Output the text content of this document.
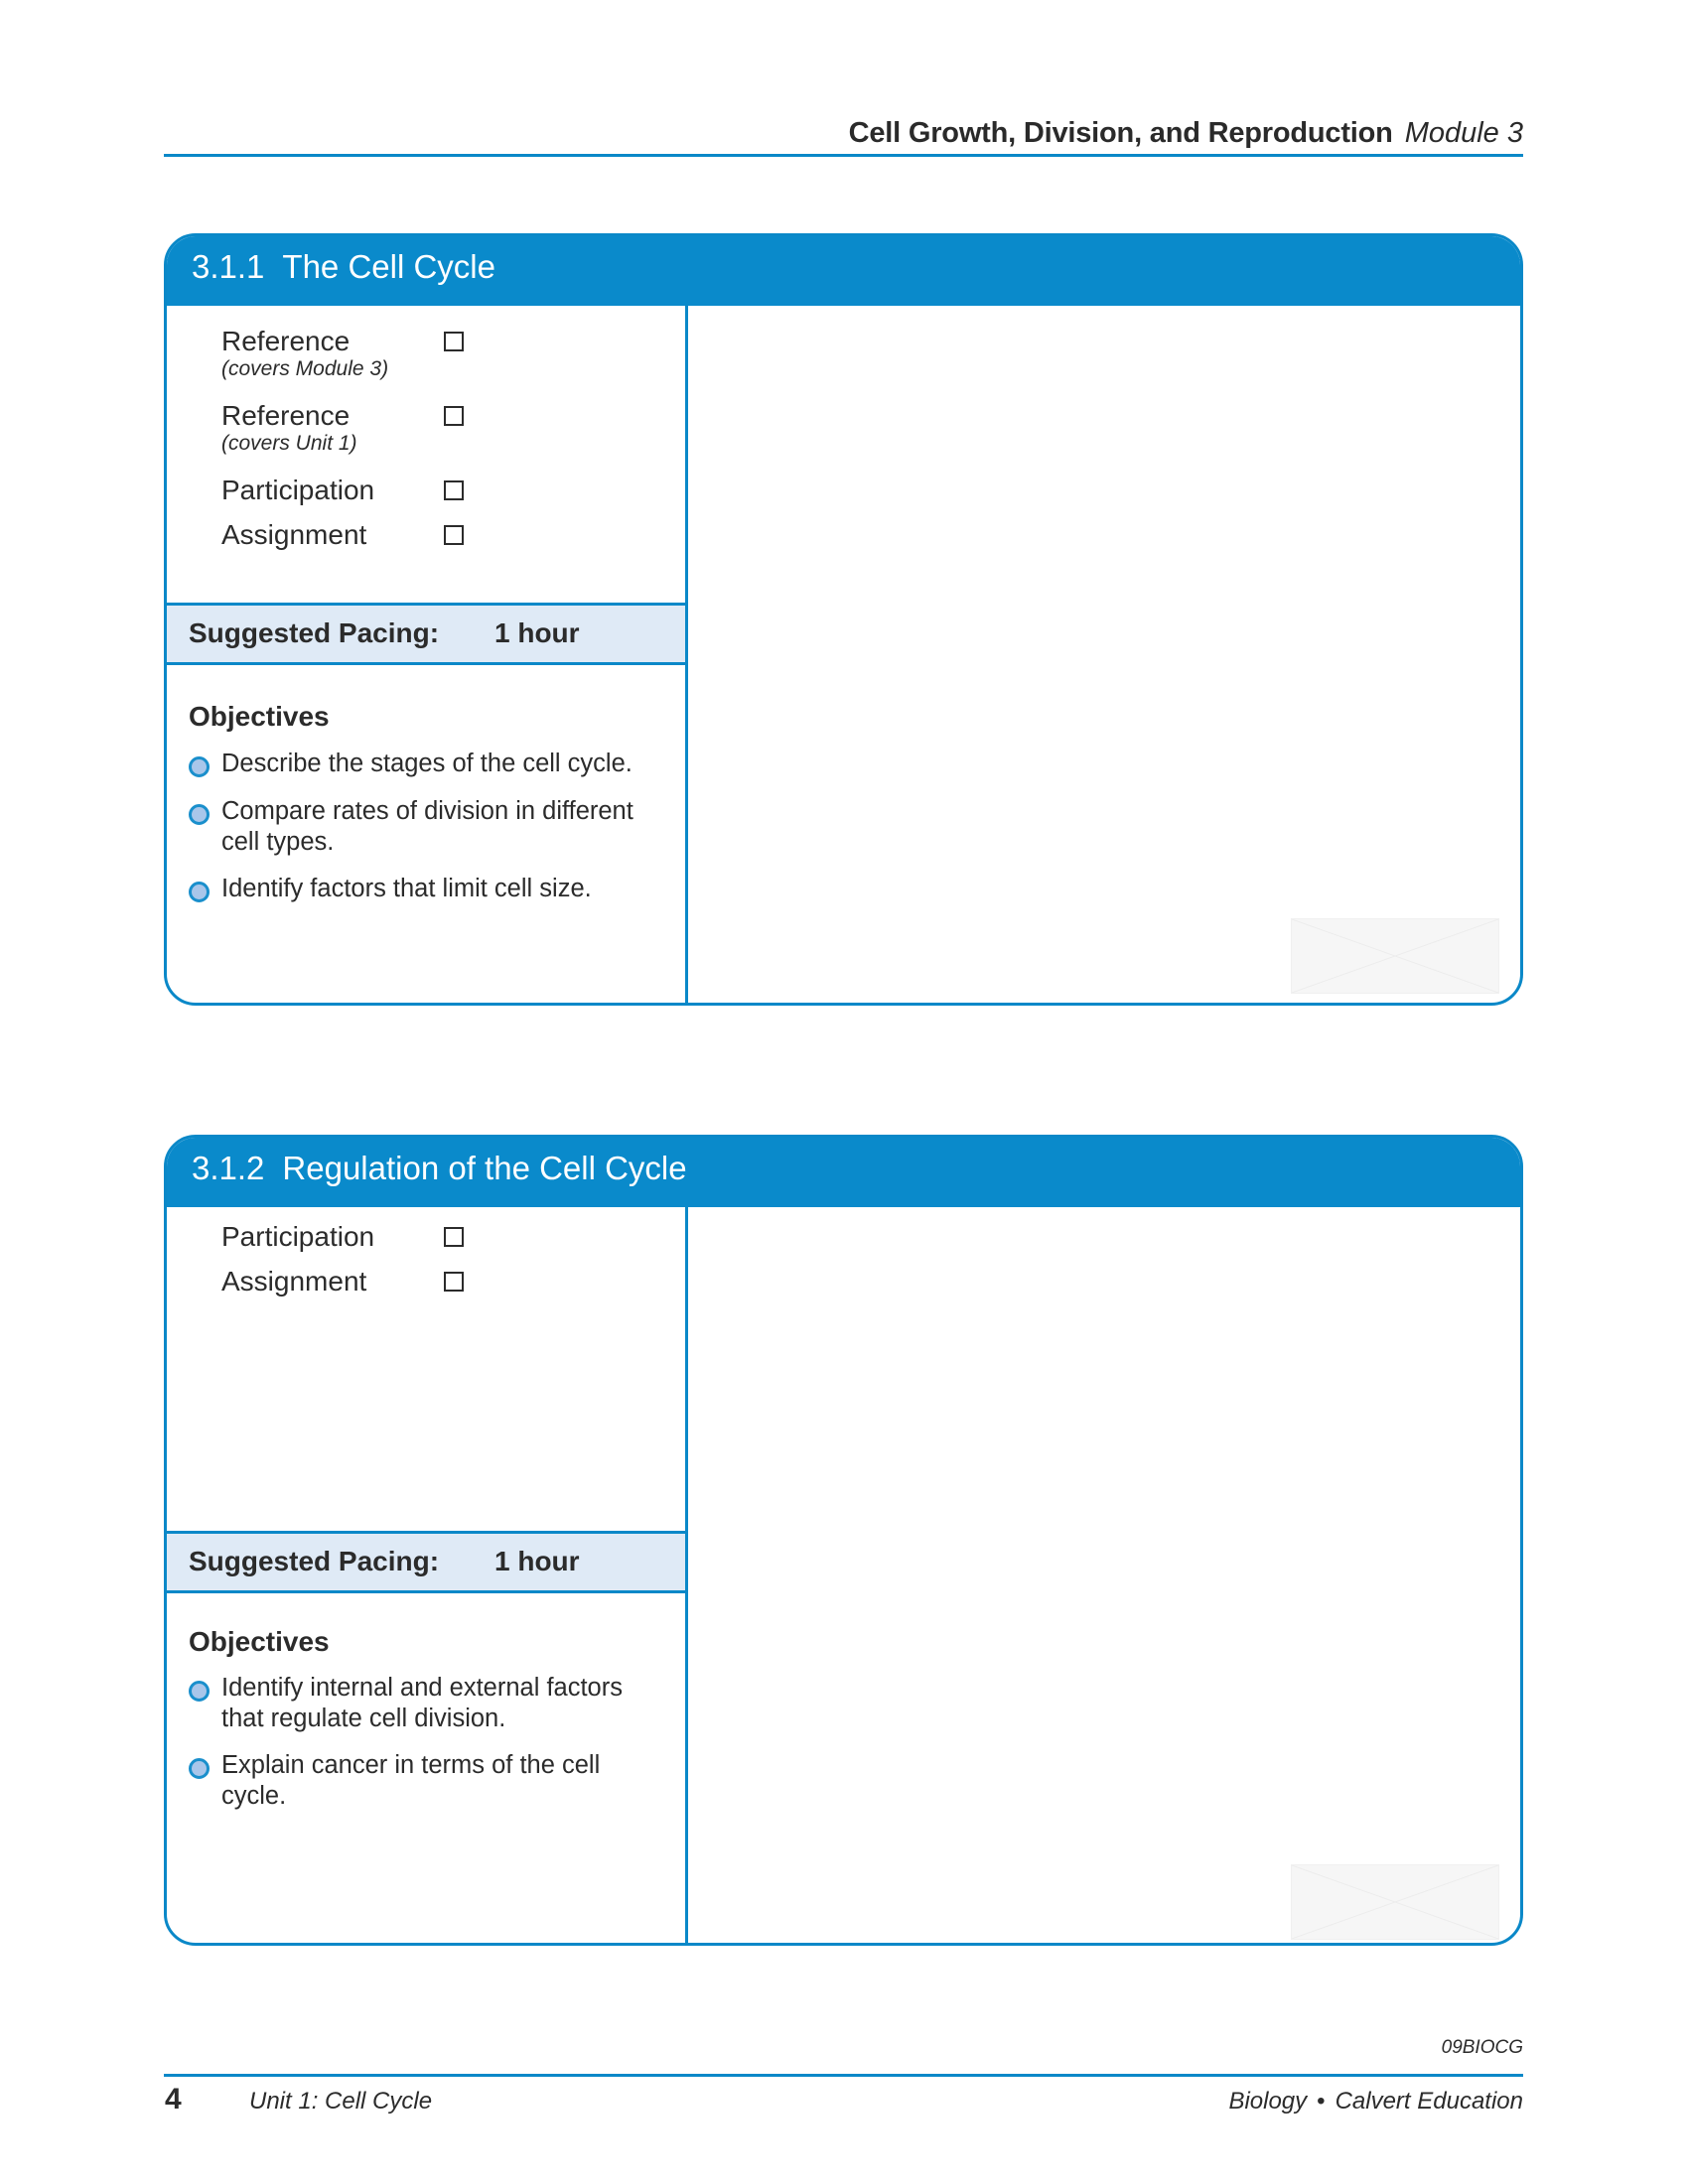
Cell Growth, Division, and Reproduction Module 3
3.1.1 The Cell Cycle
Reference
(covers Module 3)
Reference
(covers Unit 1)
Participation
Assignment
Suggested Pacing: 1 hour
Objectives
Describe the stages of the cell cycle.
Compare rates of division in different cell types.
Identify factors that limit cell size.
3.1.2 Regulation of the Cell Cycle
Participation
Assignment
Suggested Pacing: 1 hour
Objectives
Identify internal and external factors that regulate cell division.
Explain cancer in terms of the cell cycle.
09BIOCG
4	Unit 1: Cell Cycle	Biology • Calvert Education
